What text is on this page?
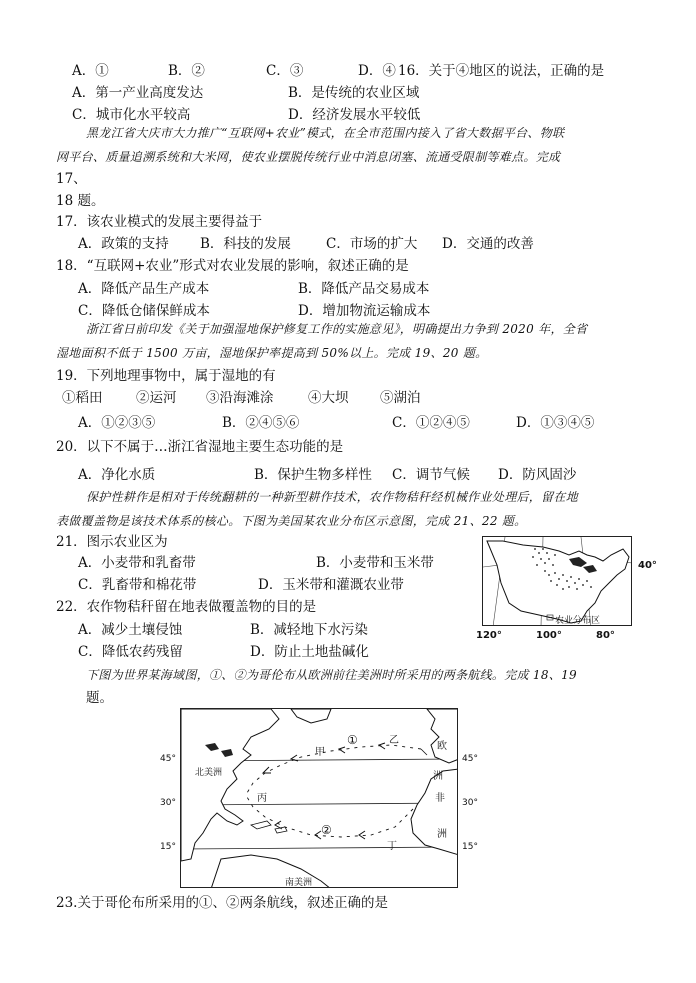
A．①	B．②	C．③	D．④ 16．关于④地区的说法，正确的是
A．第一产业高度发达	B．是传统的农业区域
C．城市化水平较高	D．经济发展水平较低
黑龙江省大庆市大力推广“互联网+农业”模式，在全市范围内接入了省大数据平台、物联
网平台、质量追溯系统和大米网，使农业摆脱传统行业中消息闭塞、流通受限制等难点。完成
17、
18 题。
17．该农业模式的发展主要得益于
A．政策的支持 B．科技的发展	C．市场的扩大 D．交通的改善
18．“互联网+农业”形式对农业发展的影响，叙述正确的是
A．降低产品生产成本	B．降低产品交易成本
C．降低仓储保鲜成本	D．增加物流运输成本
浙江省日前印发《关于加强湿地保护修复工作的实施意见》，明确提出力争到 2020 年，全省
湿地面积不低于 1500 万亩，湿地保护率提高到 50%以上。完成 19、20 题。
19．下列地理事物中，属于湿地的有
①稻田 ②运河 ③沿海滩涂	④大坝 ⑤湖泊
A．①②③⑤	B．②④⑤⑥	C．①②④⑤	D．①③④⑤
20．以下不属于…浙江省湿地主要生态功能的是
A．净化水质	B．保护生物多样性 C．调节气候 D．防风固沙
保护性耕作是相对于传统翻耕的一种新型耕作技术，农作物秸秆经机械作业处理后，留在地
表做覆盖物是该技术体系的核心。下图为美国某农业分布区示意图，完成 21、22 题。
21．图示农业区为
A．小麦带和乳畜带	B．小麦带和玉米带
C．乳畜带和棉花带	D．玉米带和灌溉农业带
22．农作物秸秆留在地表做覆盖物的目的是
A．减少土壤侵蚀	B．减轻地下水污染
C．降低农药残留	D．防止土地盐碱化
农业分布区
40°
120°	100°	80°
下图为世界某海域图，①、②为哥伦布从欧洲前往美洲时所采用的两条航线。完成 18、19
题。
北美洲
南美洲
欧
洲
非
洲
①
②
甲
乙
丙
丁
45°
30°
15°
45°
30°
15°
23.关于哥伦布所采用的①、②两条航线，叙述正确的是
